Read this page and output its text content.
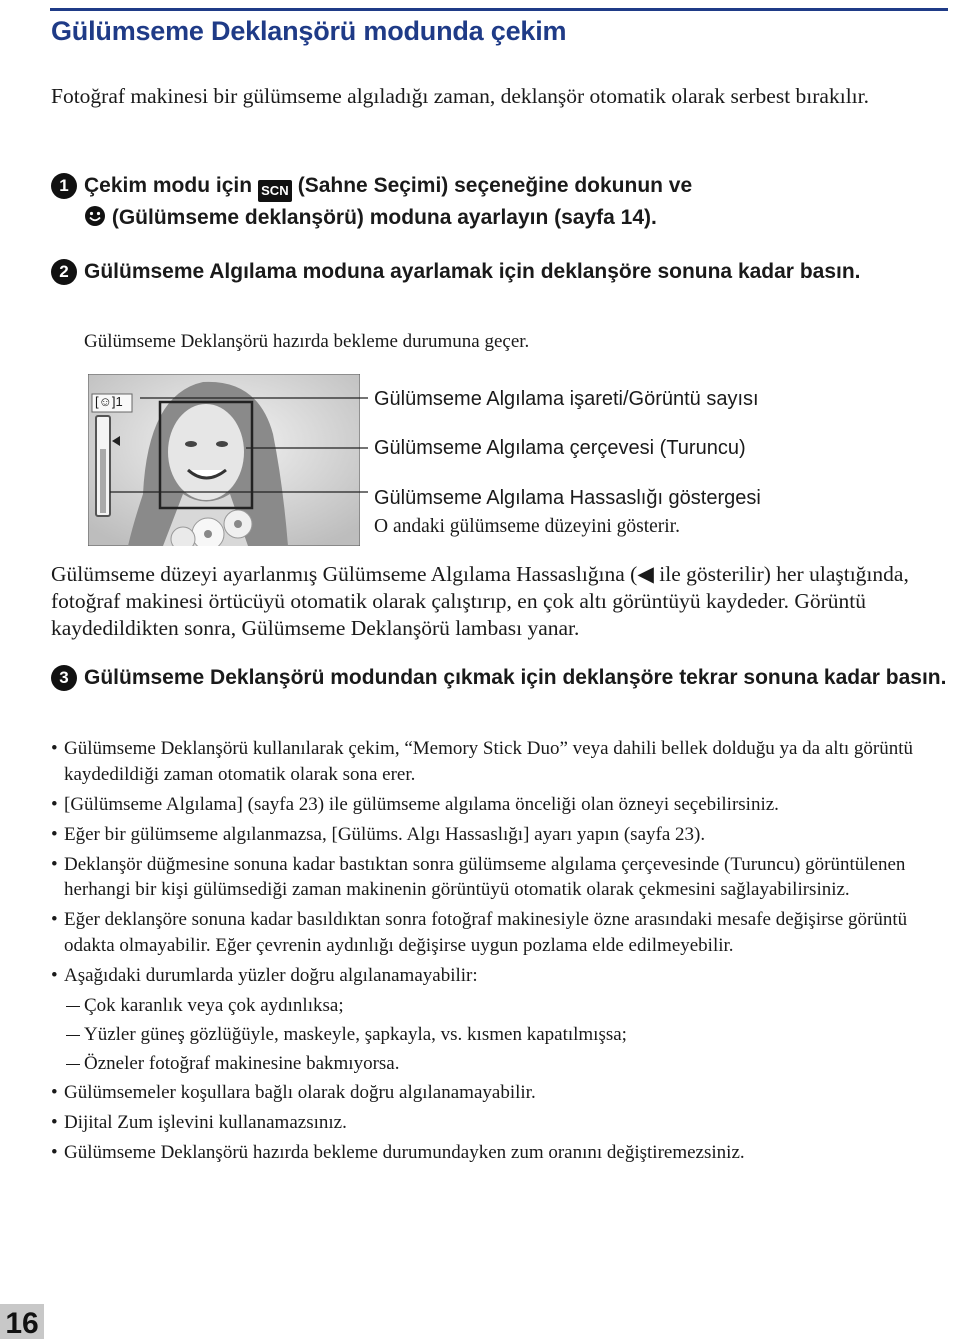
Gülümseme Deklanşörü modunda çekim
Fotoğraf makinesi bir gülümseme algıladığı zaman, deklanşör otomatik olarak serbest bırakılır.
1 Çekim modu için SCN (Sahne Seçimi) seçeneğine dokunun ve
(Gülümseme deklanşörü) moduna ayarlayın (sayfa 14).
2 Gülümseme Algılama moduna ayarlamak için deklanşöre sonuna kadar basın.
Gülümseme Deklanşörü hazırda bekleme durumuna geçer.
[☺]1	Gülümseme Algılama işareti/Görüntü sayısı
Gülümseme Algılama çerçevesi (Turuncu)
Gülümseme Algılama Hassaslığı göstergesi
O andaki gülümseme düzeyini gösterir.
Gülümseme düzeyi ayarlanmış Gülümseme Algılama Hassaslığına (◀ ile gösterilir) her ulaştığında, fotoğraf makinesi örtücüyü otomatik olarak çalıştırıp, en çok altı görüntüyü kaydeder. Görüntü kaydedildikten sonra, Gülümseme Deklanşörü lambası yanar.
3 Gülümseme Deklanşörü modundan çıkmak için deklanşöre tekrar sonuna kadar basın.
• Gülümseme Deklanşörü kullanılarak çekim, “Memory Stick Duo” veya dahili bellek dolduğu ya da altı görüntü kaydedildiği zaman otomatik olarak sona erer.
• [Gülümseme Algılama] (sayfa 23) ile gülümseme algılama önceliği olan özneyi seçebilirsiniz.
• Eğer bir gülümseme algılanmazsa, [Gülüms. Algı Hassaslığı] ayarı yapın (sayfa 23).
• Deklanşör düğmesine sonuna kadar bastıktan sonra gülümseme algılama çerçevesinde (Turuncu) görüntülenen herhangi bir kişi gülümsediği zaman makinenin görüntüyü otomatik olarak çekmesini sağlayabilirsiniz.
• Eğer deklanşöre sonuna kadar basıldıktan sonra fotoğraf makinesiyle özne arasındaki mesafe değişirse görüntü odakta olmayabilir. Eğer çevrenin aydınlığı değişirse uygun pozlama elde edilmeyebilir.
• Aşağıdaki durumlarda yüzler doğru algılanamayabilir:
Çok karanlık veya çok aydınlıksa;
Yüzler güneş gözlüğüyle, maskeyle, şapkayla, vs. kısmen kapatılmışsa;
Özneler fotoğraf makinesine bakmıyorsa.
• Gülümsemeler koşullara bağlı olarak doğru algılanamayabilir.
• Dijital Zum işlevini kullanamazsınız.
• Gülümseme Deklanşörü hazırda bekleme durumundayken zum oranını değiştiremezsiniz.
16
